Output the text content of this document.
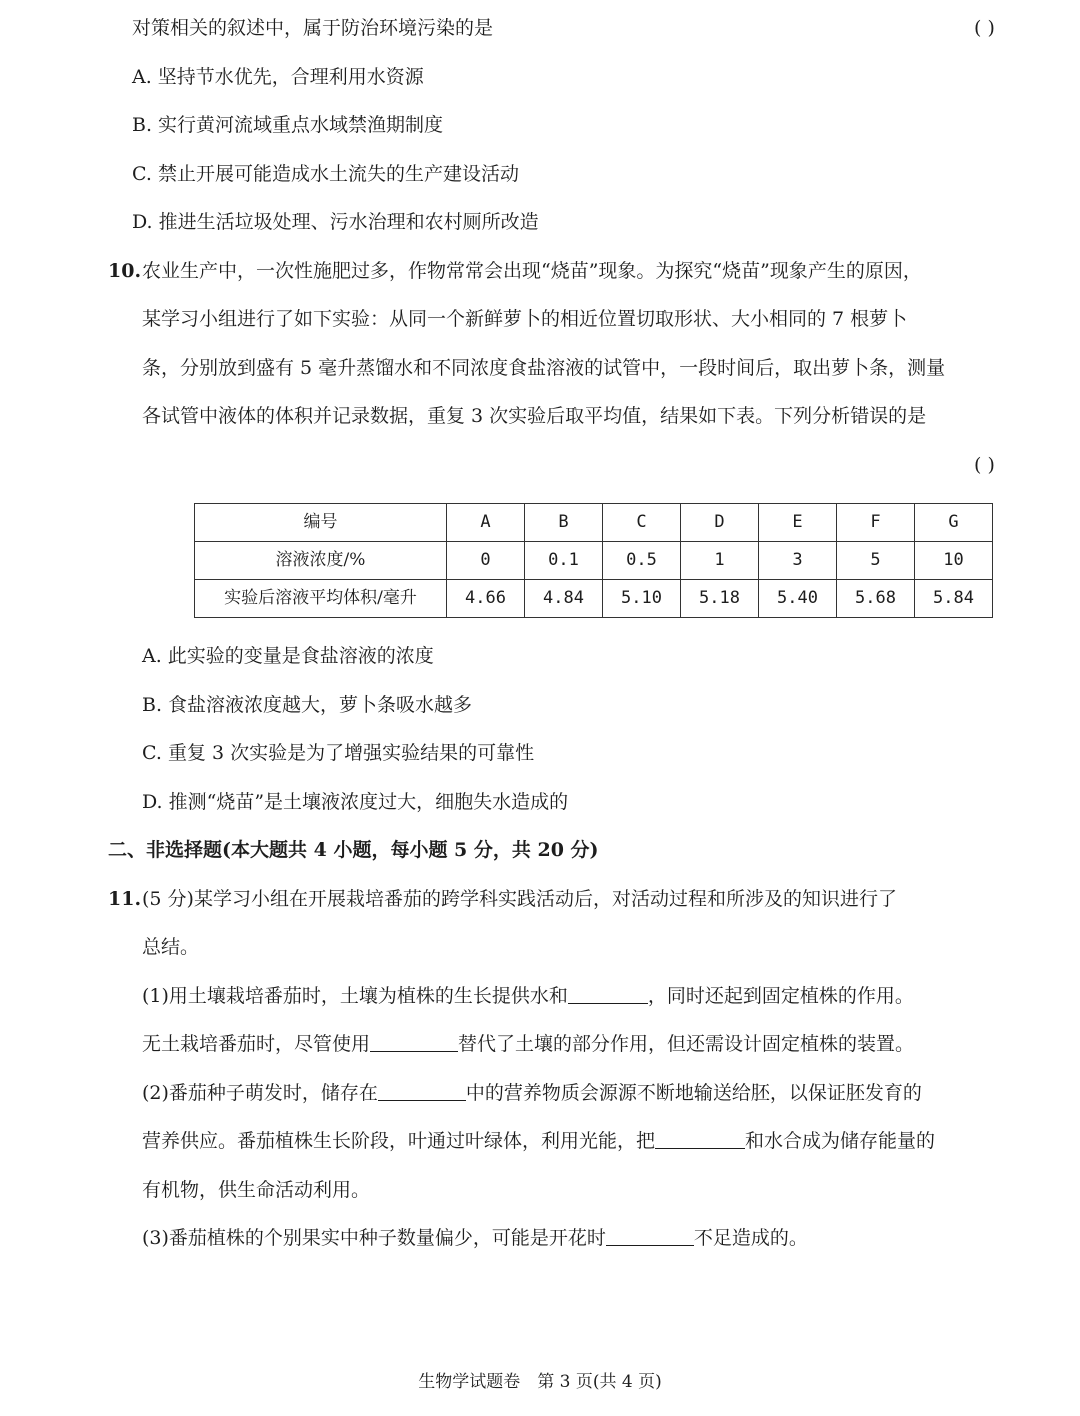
对策相关的叙述中，属于防治环境污染的是	( )
A. 坚持节水优先，合理利用水资源
B. 实行黄河流域重点水域禁渔期制度
C. 禁止开展可能造成水土流失的生产建设活动
D. 推进生活垃圾处理、污水治理和农村厕所改造
10. 农业生产中，一次性施肥过多，作物常常会出现“烧苗”现象。为探究“烧苗”现象产生的原因，
某学习小组进行了如下实验：从同一个新鲜萝卜的相近位置切取形状、大小相同的 7 根萝卜
条，分别放到盛有 5 毫升蒸馏水和不同浓度食盐溶液的试管中，一段时间后，取出萝卜条，测量
各试管中液体的体积并记录数据，重复 3 次实验后取平均值，结果如下表。下列分析错误的是
( )
编号	A	B	C	D	E	F	G
溶液浓度/%	0	0.1	0.5	1	3	5	10
实验后溶液平均体积/毫升	4.66	4.84	5.10	5.18	5.40	5.68	5.84
A. 此实验的变量是食盐溶液的浓度
B. 食盐溶液浓度越大，萝卜条吸水越多
C. 重复 3 次实验是为了增强实验结果的可靠性
D. 推测“烧苗”是土壤液浓度过大，细胞失水造成的
二、非选择题(本大题共 4 小题，每小题 5 分，共 20 分)
11. (5 分)某学习小组在开展栽培番茄的跨学科实践活动后，对活动过程和所涉及的知识进行了
总结。
(1)用土壤栽培番茄时，土壤为植株的生长提供水和	，同时还起到固定植株的作用。
无土栽培番茄时，尽管使用	替代了土壤的部分作用，但还需设计固定植株的装置。
(2)番茄种子萌发时，储存在	中的营养物质会源源不断地输送给胚，以保证胚发育的
营养供应。番茄植株生长阶段，叶通过叶绿体，利用光能，把	和水合成为储存能量的
有机物，供生命活动利用。
(3)番茄植株的个别果实中种子数量偏少，可能是开花时	不足造成的。
生物学试题卷　第 3 页(共 4 页)
